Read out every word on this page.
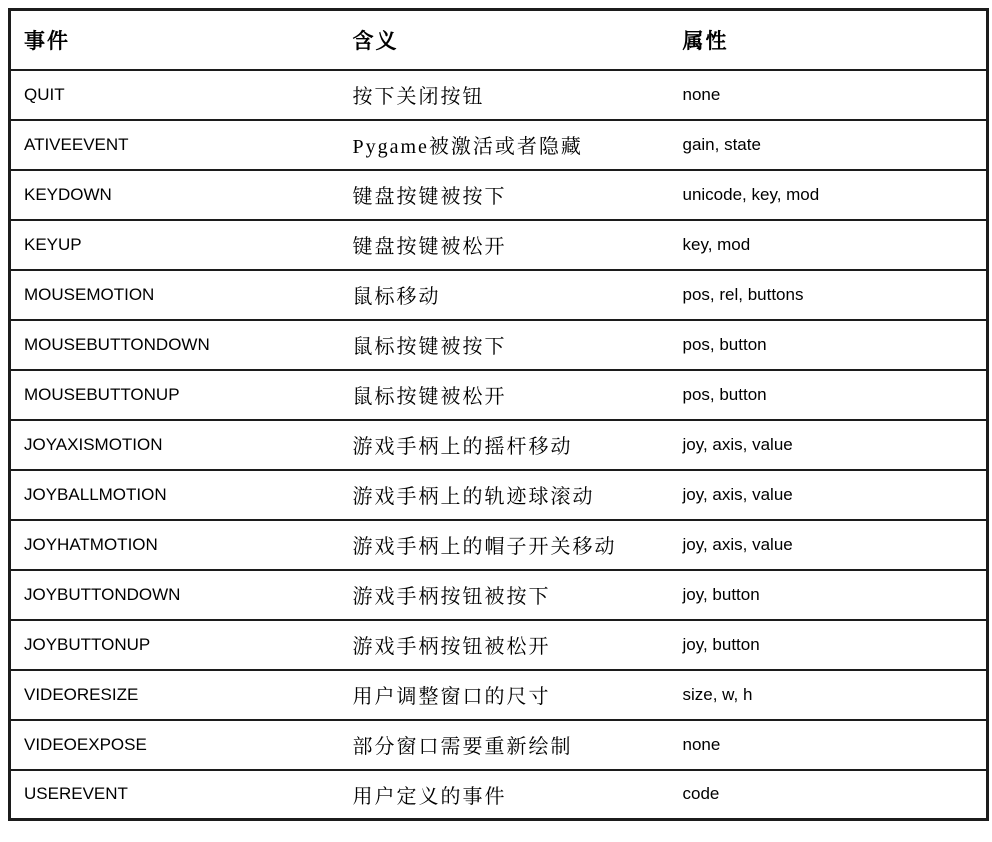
事件	含义	属性
QUIT	按下关闭按钮	none
ATIVEEVENT	Pygame被激活或者隐藏	gain, state
KEYDOWN	键盘按键被按下	unicode, key, mod
KEYUP	键盘按键被松开	key, mod
MOUSEMOTION	鼠标移动	pos, rel, buttons
MOUSEBUTTONDOWN	鼠标按键被按下	pos, button
MOUSEBUTTONUP	鼠标按键被松开	pos, button
JOYAXISMOTION	游戏手柄上的摇杆移动	joy, axis, value
JOYBALLMOTION	游戏手柄上的轨迹球滚动	joy, axis, value
JOYHATMOTION	游戏手柄上的帽子开关移动	joy, axis, value
JOYBUTTONDOWN	游戏手柄按钮被按下	joy, button
JOYBUTTONUP	游戏手柄按钮被松开	joy, button
VIDEORESIZE	用户调整窗口的尺寸	size, w, h
VIDEOEXPOSE	部分窗口需要重新绘制	none
USEREVENT	用户定义的事件	code
